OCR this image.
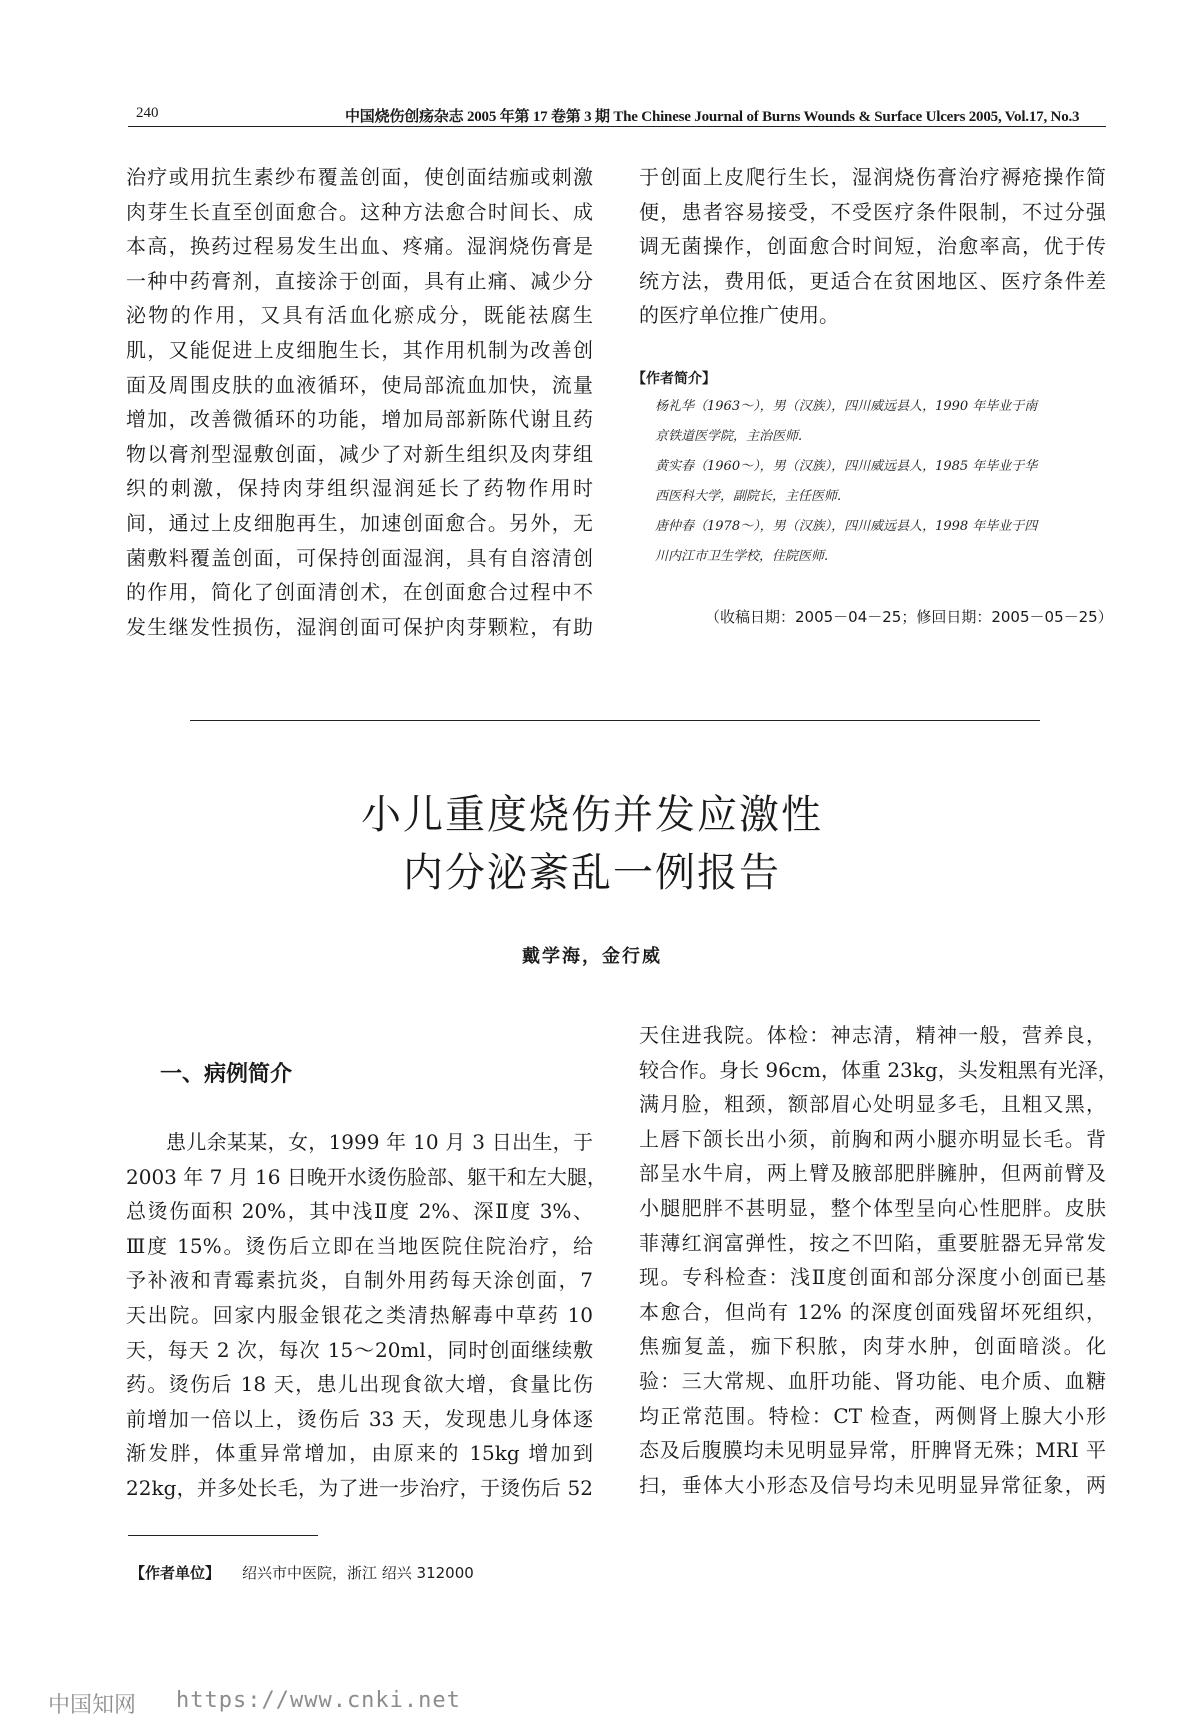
240	中国烧伤创疡杂志 2005 年第 17 卷第 3 期 The Chinese Journal of Burns Wounds & Surface Ulcers 2005, Vol.17, No.3
治疗或用抗生素纱布覆盖创面，使创面结痂或刺激
肉芽生长直至创面愈合。这种方法愈合时间长、成
本高，换药过程易发生出血、疼痛。湿润烧伤膏是
一种中药膏剂，直接涂于创面，具有止痛、减少分
泌物的作用，又具有活血化瘀成分，既能祛腐生
肌，又能促进上皮细胞生长，其作用机制为改善创
面及周围皮肤的血液循环，使局部流血加快，流量
增加，改善微循环的功能，增加局部新陈代谢且药
物以膏剂型湿敷创面，减少了对新生组织及肉芽组
织的刺激，保持肉芽组织湿润延长了药物作用时
间，通过上皮细胞再生，加速创面愈合。另外，无
菌敷料覆盖创面，可保持创面湿润，具有自溶清创
的作用，简化了创面清创术，在创面愈合过程中不
发生继发性损伤，湿润创面可保护肉芽颗粒，有助
于创面上皮爬行生长，湿润烧伤膏治疗褥疮操作简
便，患者容易接受，不受医疗条件限制，不过分强
调无菌操作，创面愈合时间短，治愈率高，优于传
统方法，费用低，更适合在贫困地区、医疗条件差
的医疗单位推广使用。
【作者简介】
杨礼华（1963～），男（汉族），四川威远县人，1990 年毕业于南
京铁道医学院，主治医师.
黄实春（1960～），男（汉族），四川威远县人，1985 年毕业于华
西医科大学，副院长，主任医师.
唐仲春（1978～），男（汉族），四川威远县人，1998 年毕业于四
川内江市卫生学校，住院医师.
（收稿日期：2005－04－25；修回日期：2005－05－25）
小儿重度烧伤并发应激性
内分泌紊乱一例报告
戴学海，金行威
一、病例简介
患儿余某某，女，1999 年 10 月 3 日出生，于
2003 年 7 月 16 日晚开水烫伤脸部、躯干和左大腿，
总烫伤面积 20%，其中浅Ⅱ度 2%、深Ⅱ度 3%、
Ⅲ度 15%。烫伤后立即在当地医院住院治疗，给
予补液和青霉素抗炎，自制外用药每天涂创面，7
天出院。回家内服金银花之类清热解毒中草药 10
天，每天 2 次，每次 15～20ml，同时创面继续敷
药。烫伤后 18 天，患儿出现食欲大增，食量比伤
前增加一倍以上，烫伤后 33 天，发现患儿身体逐
渐发胖，体重异常增加，由原来的 15kg 增加到
22kg，并多处长毛，为了进一步治疗，于烫伤后 52
天住进我院。体检：神志清，精神一般，营养良，
较合作。身长 96cm，体重 23kg，头发粗黑有光泽，
满月脸，粗颈，额部眉心处明显多毛，且粗又黑，
上唇下颌长出小须，前胸和两小腿亦明显长毛。背
部呈水牛肩，两上臂及腋部肥胖臃肿，但两前臂及
小腿肥胖不甚明显，整个体型呈向心性肥胖。皮肤
菲薄红润富弹性，按之不凹陷，重要脏器无异常发
现。专科检查：浅Ⅱ度创面和部分深度小创面已基
本愈合，但尚有 12% 的深度创面残留坏死组织，
焦痂复盖，痂下积脓，肉芽水肿，创面暗淡。化
验：三大常规、血肝功能、肾功能、电介质、血糖
均正常范围。特检：CT 检查，两侧肾上腺大小形
态及后腹膜均未见明显异常，肝脾肾无殊；MRI 平
扫，垂体大小形态及信号均未见明显异常征象，两
【作者单位】 绍兴市中医院，浙江 绍兴 312000
中国知网 https://www.cnki.net
